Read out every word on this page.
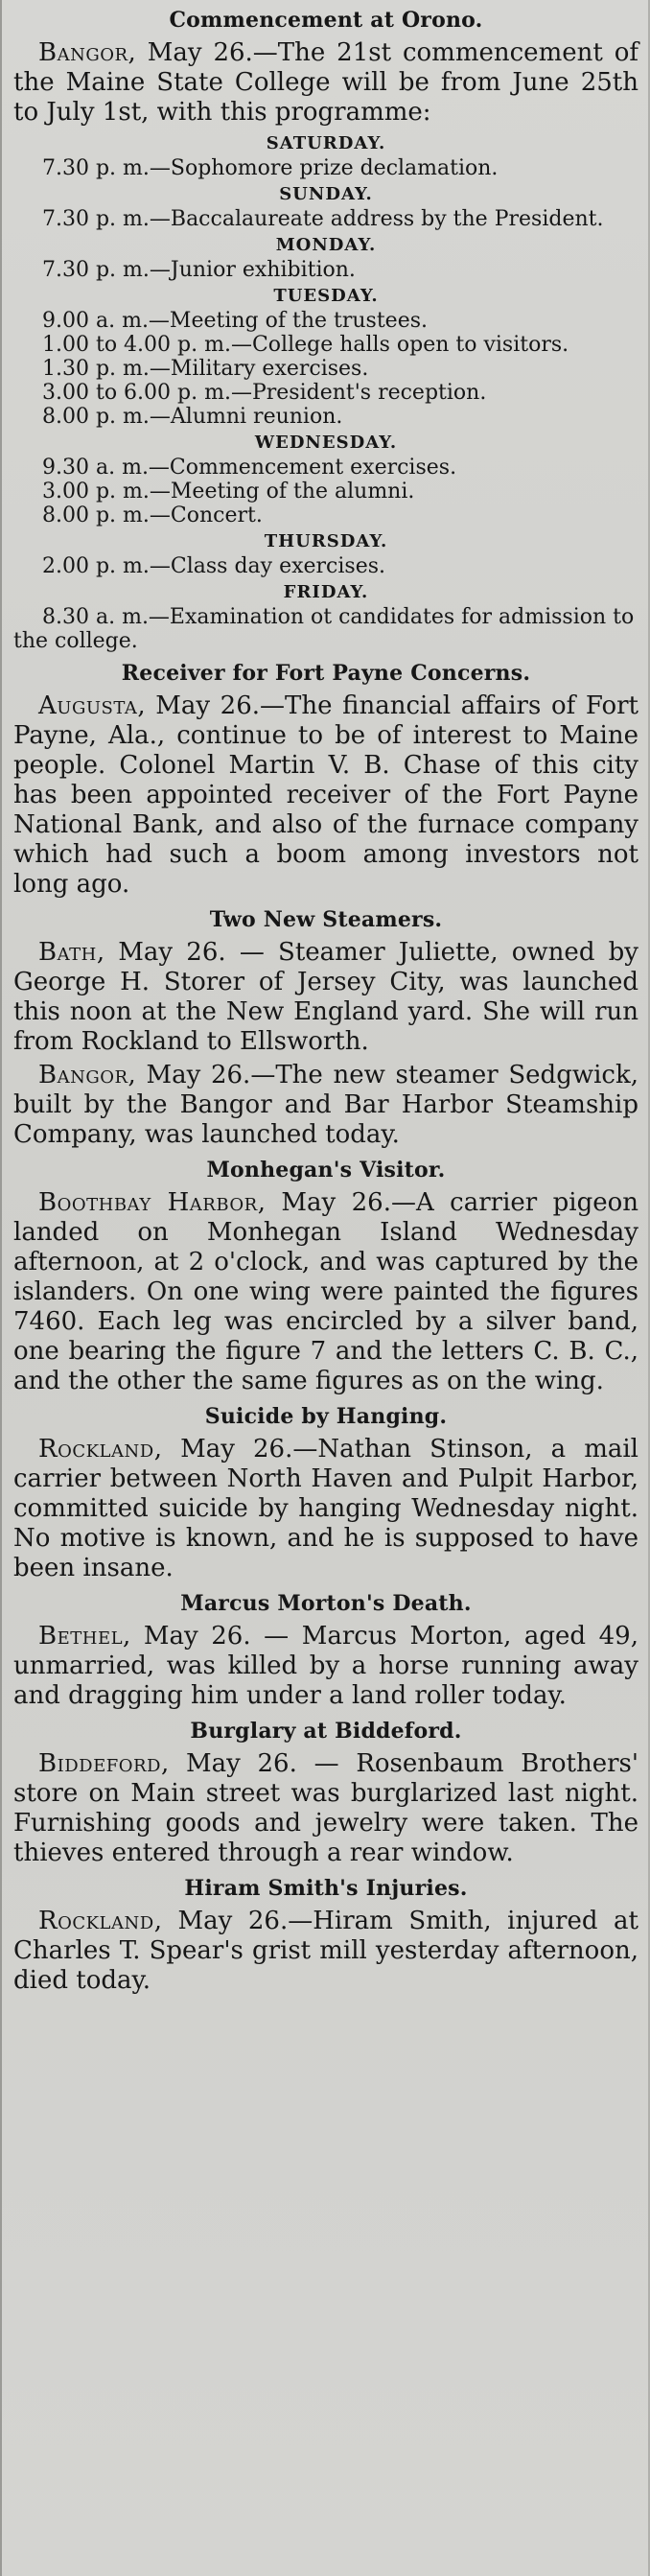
Commencement at Orono.

Bangor, May 26.—The 21st commencement of the Maine State College will be from June 25th to July 1st, with this programme:

SATURDAY.

7.30 p. m.—Sophomore prize declamation.

SUNDAY.

7.30 p. m.—Baccalaureate address by the President.

MONDAY.

7.30 p. m.—Junior exhibition.

TUESDAY.

9.00 a. m.—Meeting of the trustees.

1.00 to 4.00 p. m.—College halls open to visitors.

1.30 p. m.—Military exercises.

3.00 to 6.00 p. m.—President's reception.

8.00 p. m.—Alumni reunion.

WEDNESDAY.

9.30 a. m.—Commencement exercises.

3.00 p. m.—Meeting of the alumni.

8.00 p. m.—Concert.

THURSDAY.

2.00 p. m.—Class day exercises.

FRIDAY.

8.30 a. m.—Examination ot candidates for admission to the college.

Receiver for Fort Payne Concerns.

Augusta, May 26.—The financial affairs of Fort Payne, Ala., continue to be of interest to Maine people. Colonel Martin V. B. Chase of this city has been appointed receiver of the Fort Payne National Bank, and also of the furnace company which had such a boom among investors not long ago.

Two New Steamers.

Bath, May 26. — Steamer Juliette, owned by George H. Storer of Jersey City, was launched this noon at the New England yard. She will run from Rockland to Ellsworth.

Bangor, May 26.—The new steamer Sedgwick, built by the Bangor and Bar Harbor Steamship Company, was launched today.

Monhegan's Visitor.

Boothbay Harbor, May 26.—A carrier pigeon landed on Monhegan Island Wednesday afternoon, at 2 o'clock, and was captured by the islanders. On one wing were painted the figures 7460. Each leg was encircled by a silver band, one bearing the figure 7 and the letters C. B. C., and the other the same figures as on the wing.

Suicide by Hanging.

Rockland, May 26.—Nathan Stinson, a mail carrier between North Haven and Pulpit Harbor, committed suicide by hanging Wednesday night. No motive is known, and he is supposed to have been insane.

Marcus Morton's Death.

Bethel, May 26. — Marcus Morton, aged 49, unmarried, was killed by a horse running away and dragging him under a land roller today.

Burglary at Biddeford.

Biddeford, May 26. — Rosenbaum Brothers' store on Main street was burglarized last night. Furnishing goods and jewelry were taken. The thieves entered through a rear window.

Hiram Smith's Injuries.

Rockland, May 26.—Hiram Smith, injured at Charles T. Spear's grist mill yesterday afternoon, died today.
